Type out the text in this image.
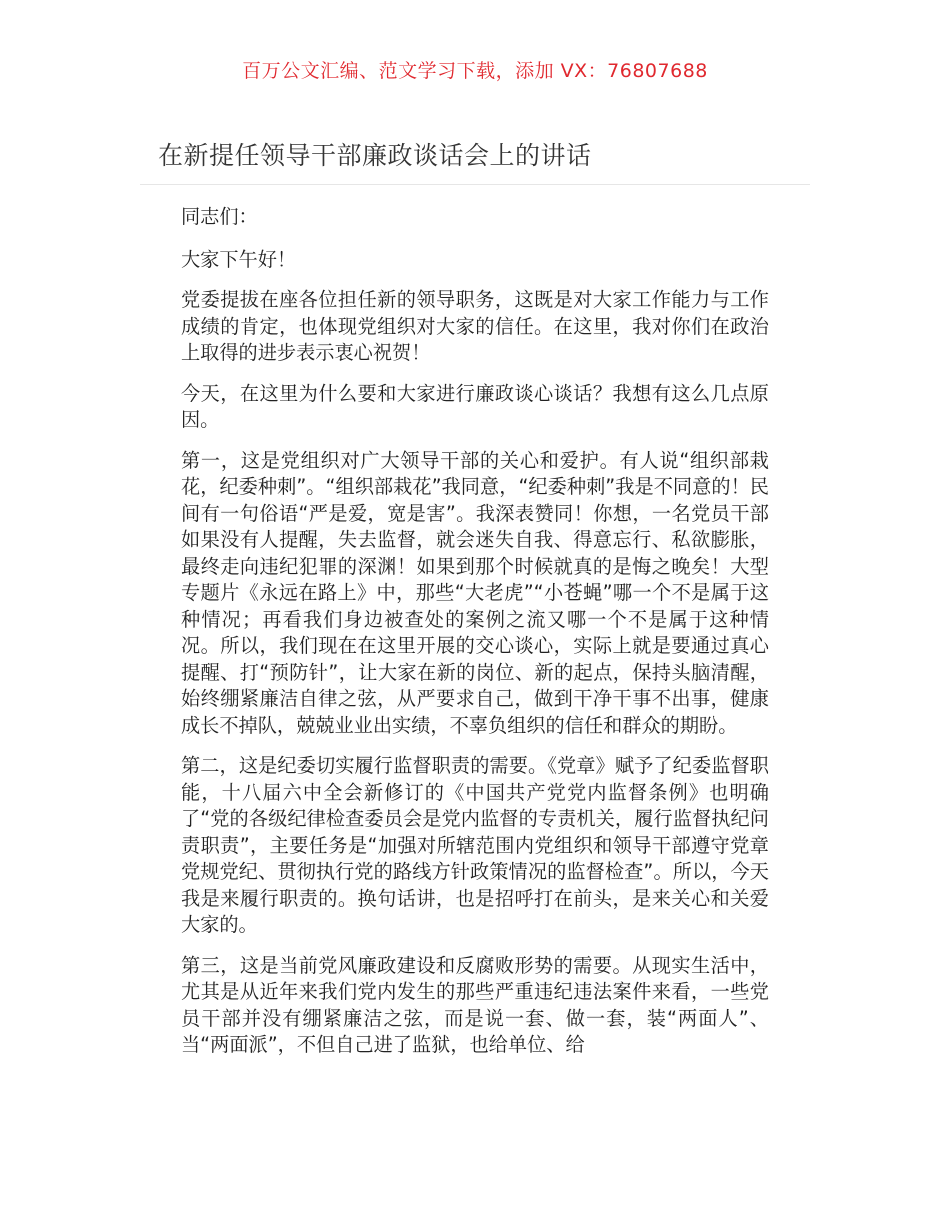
百万公文汇编、范文学习下载，添加 VX：76807688
在新提任领导干部廉政谈话会上的讲话

同志们：

大家下午好！

党委提拔在座各位担任新的领导职务，这既是对大家工作能力与工作成绩的肯定，也体现党组织对大家的信任。在这里，我对你们在政治上取得的进步表示衷心祝贺！

今天，在这里为什么要和大家进行廉政谈心谈话？我想有这么几点原因。

第一，这是党组织对广大领导干部的关心和爱护。有人说“组织部栽花，纪委种刺”。“组织部栽花”我同意，“纪委种刺”我是不同意的！民间有一句俗语“严是爱，宽是害”。我深表赞同！你想，一名党员干部如果没有人提醒，失去监督，就会迷失自我、得意忘行、私欲膨胀，最终走向违纪犯罪的深渊！如果到那个时候就真的是悔之晚矣！大型专题片《永远在路上》中，那些“大老虎”“小苍蝇”哪一个不是属于这种情况；再看我们身边被查处的案例之流又哪一个不是属于这种情况。所以，我们现在在这里开展的交心谈心，实际上就是要通过真心提醒、打“预防针”，让大家在新的岗位、新的起点，保持头脑清醒，始终绷紧廉洁自律之弦，从严要求自己，做到干净干事不出事，健康成长不掉队，兢兢业业出实绩，不辜负组织的信任和群众的期盼。

第二，这是纪委切实履行监督职责的需要。《党章》赋予了纪委监督职能，十八届六中全会新修订的《中国共产党党内监督条例》也明确了“党的各级纪律检查委员会是党内监督的专责机关，履行监督执纪问责职责”，主要任务是“加强对所辖范围内党组织和领导干部遵守党章党规党纪、贯彻执行党的路线方针政策情况的监督检查”。所以，今天我是来履行职责的。换句话讲，也是招呼打在前头，是来关心和关爱大家的。

第三，这是当前党风廉政建设和反腐败形势的需要。从现实生活中，尤其是从近年来我们党内发生的那些严重违纪违法案件来看，一些党员干部并没有绷紧廉洁之弦，而是说一套、做一套，装“两面人”、当“两面派”，不但自己进了监狱，也给单位、给
